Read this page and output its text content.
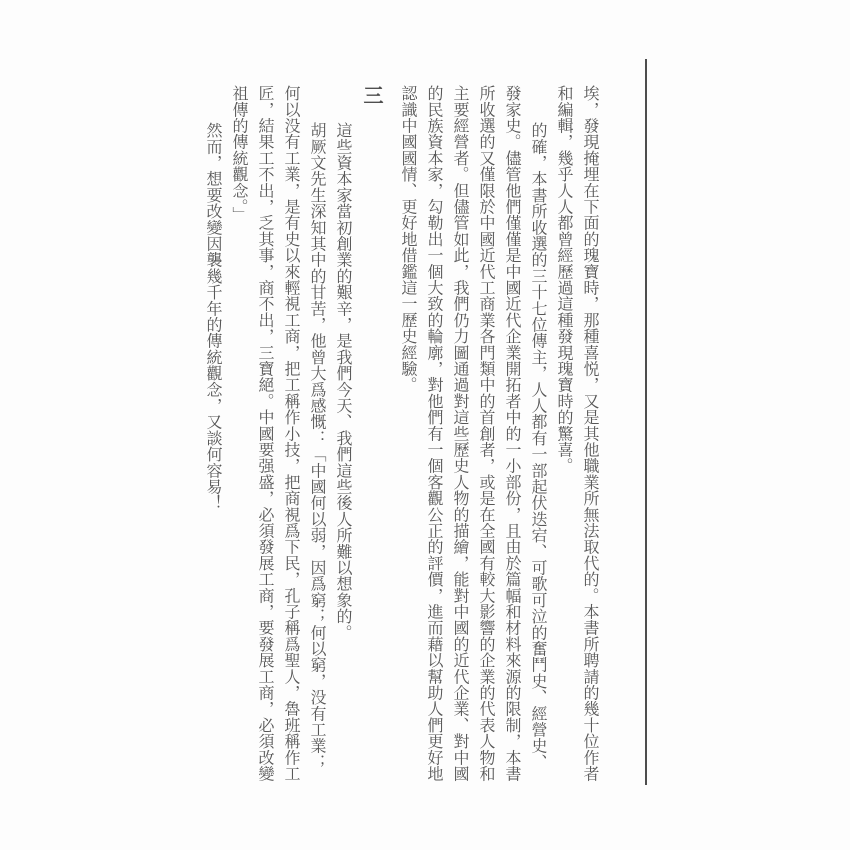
埃，發現掩埋在下面的瑰寶時，那種喜悦，又是其他職業所無法取代的。本書所聘請的幾十位作者和編輯，幾乎人人都曾經歷過這種發現瑰寶時的驚喜。

的確，本書所收選的三十七位傳主，人人都有一部起伏迭宕、可歌可泣的奮鬥史、經營史、發家史。儘管他們僅僅是中國近代企業開拓者中的一小部份，且由於篇幅和材料來源的限制，本書所收選的又僅限於中國近代工商業各門類中的首創者，或是在全國有較大影響的企業的代表人物和主要經營者。但儘管如此，我們仍力圖通過對這些歷史人物的描繪，能對中國的近代企業、對中國的民族資本家，勾勒出一個大致的輪廓，對他們有一個客觀公正的評價，進而藉以幫助人們更好地認識中國國情、更好地借鑑這一歷史經驗。

三

這些資本家當初創業的艱辛，是我們今天、我們這些後人所難以想象的。

胡厥文先生深知其中的甘苦，他曾大爲感慨：「中國何以弱，因爲窮；何以窮，没有工業；何以没有工業，是有史以來輕視工商，把工稱作小技，把商視爲下民，孔子稱爲聖人，魯班稱作工匠，結果工不出，乏其事，商不出，三寶絕。中國要强盛，必須發展工商，要發展工商，必須改變祖傳的傳統觀念。」

然而，想要改變因襲幾千年的傳統觀念，又談何容易！
